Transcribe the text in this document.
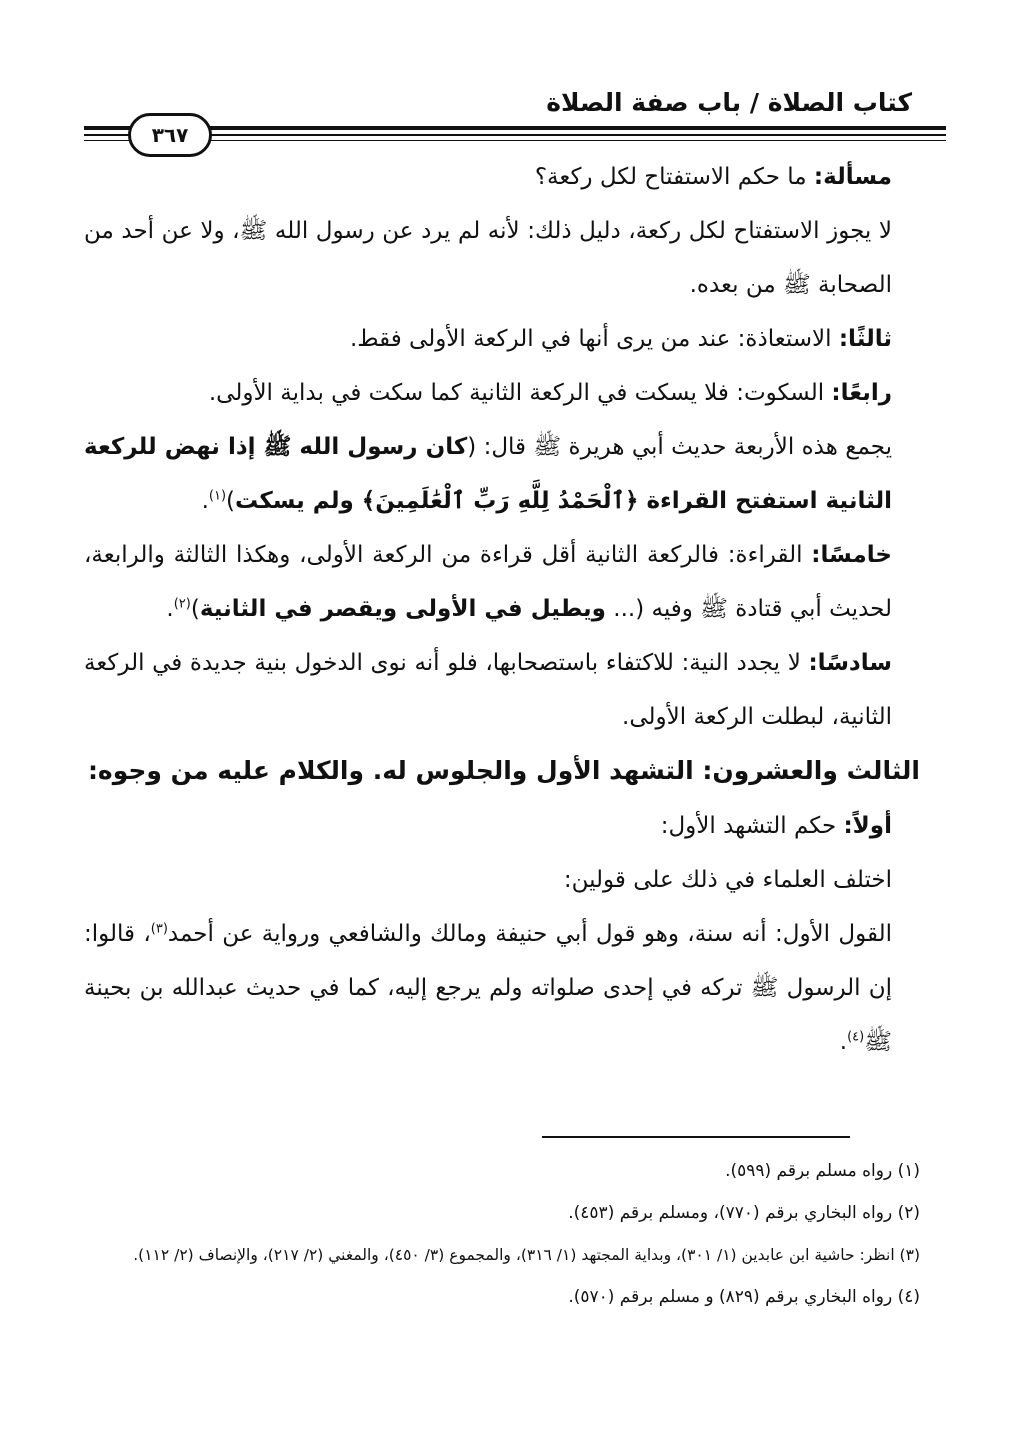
كتاب الصلاة / باب صفة الصلاة
٣٦٧

مسألة: ما حكم الاستفتاح لكل ركعة؟

لا يجوز الاستفتاح لكل ركعة، دليل ذلك: لأنه لم يرد عن رسول الله ﷺ، ولا عن أحد من الصحابة ﷺ من بعده.

ثالثًا: الاستعاذة: عند من يرى أنها في الركعة الأولى فقط.

رابعًا: السكوت: فلا يسكت في الركعة الثانية كما سكت في بداية الأولى.

يجمع هذه الأربعة حديث أبي هريرة ﷺ قال: (كان رسول الله ﷺ إذا نهض للركعة الثانية استفتح القراءة ﴿ٱلْحَمْدُ لِلَّهِ رَبِّ ٱلْعَٰلَمِينَ﴾ ولم يسكت)$^{(١)}$.

خامسًا: القراءة: فالركعة الثانية أقل قراءة من الركعة الأولى، وهكذا الثالثة والرابعة، لحديث أبي قتادة ﷺ وفيه (... ويطيل في الأولى ويقصر في الثانية)$^{(٢)}$.

سادسًا: لا يجدد النية: للاكتفاء باستصحابها، فلو أنه نوى الدخول بنية جديدة في الركعة الثانية، لبطلت الركعة الأولى.

الثالث والعشرون: التشهد الأول والجلوس له. والكلام عليه من وجوه:

أولاً: حكم التشهد الأول:

اختلف العلماء في ذلك على قولين:

القول الأول: أنه سنة، وهو قول أبي حنيفة ومالك والشافعي ورواية عن أحمد$^{(٣)}$، قالوا: إن الرسول ﷺ تركه في إحدى صلواته ولم يرجع إليه، كما في حديث عبدالله بن بحينة ﷺ$^{(٤)}$.

(١) رواه مسلم برقم (٥٩٩).

(٢) رواه البخاري برقم (٧٧٠)، ومسلم برقم (٤٥٣).

(٣) انظر: حاشية ابن عابدين (١/ ٣٠١)، وبداية المجتهد (١/ ٣١٦)، والمجموع (٣/ ٤٥٠)، والمغني (٢/ ٢١٧)، والإنصاف (٢/ ١١٢).

(٤) رواه البخاري برقم (٨٢٩) و مسلم برقم (٥٧٠).
